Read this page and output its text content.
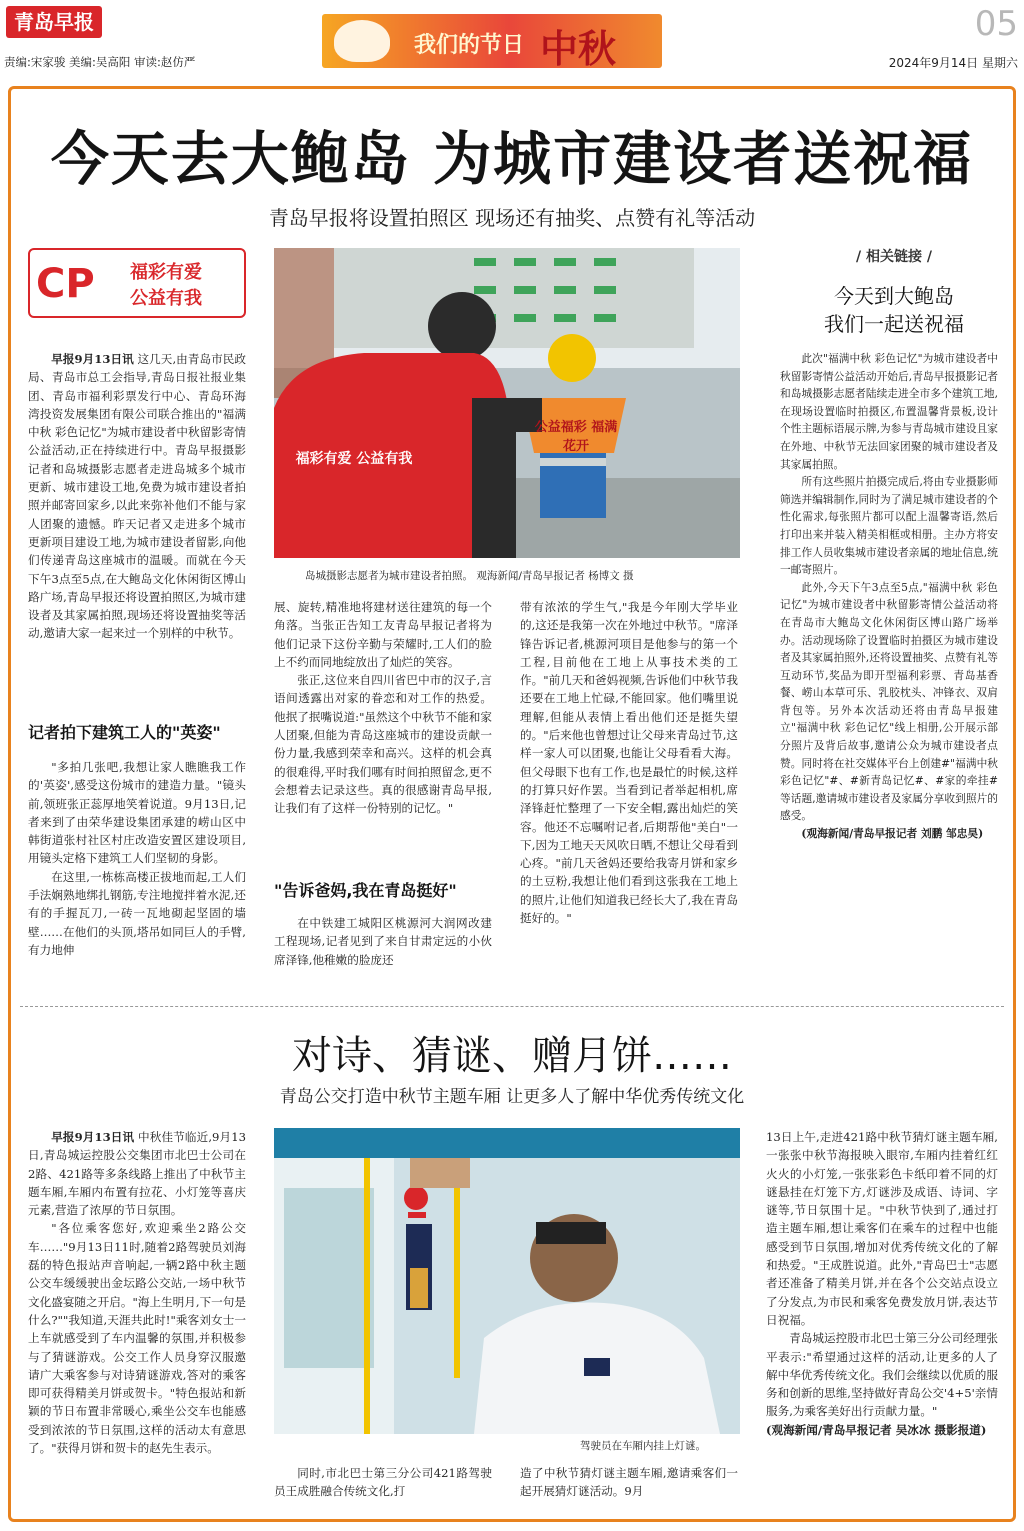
青岛早报
责编:宋家骏 美编:吴高阳 审读:赵仿严
我们的节日 中秋
05
2024年9月14日 星期六
今天去大鲍岛 为城市建设者送祝福
青岛早报将设置拍照区 现场还有抽奖、点赞有礼等活动
CP	福彩有爱
公益有我
公益福彩 福满花开
福彩有爱 公益有我
岛城摄影志愿者为城市建设者拍照。 观海新闻/青岛早报记者 杨博文 摄

早报9月13日讯 这几天,由青岛市民政局、青岛市总工会指导,青岛日报社报业集团、青岛市福利彩票发行中心、青岛环海湾投资发展集团有限公司联合推出的"福满中秋 彩色记忆"为城市建设者中秋留影寄情公益活动,正在持续进行中。青岛早报摄影记者和岛城摄影志愿者走进岛城多个城市更新、城市建设工地,免费为城市建设者拍照并邮寄回家乡,以此来弥补他们不能与家人团聚的遗憾。昨天记者又走进多个城市更新项目建设工地,为城市建设者留影,向他们传递青岛这座城市的温暖。而就在今天下午3点至5点,在大鲍岛文化休闲街区博山路广场,青岛早报还将设置拍照区,为城市建设者及其家属拍照,现场还将设置抽奖等活动,邀请大家一起来过一个别样的中秋节。

记者拍下建筑工人的"英姿"

"多拍几张吧,我想让家人瞧瞧我工作的'英姿',感受这份城市的建造力量。"镜头前,领班张正蕊厚地笑着说道。9月13日,记者来到了由荣华建设集团承建的崂山区中韩街道张村社区村庄改造安置区建设项目,用镜头定格下建筑工人们坚韧的身影。

在这里,一栋栋高楼正拔地而起,工人们手法娴熟地绑扎钢筋,专注地搅拌着水泥,还有的手握瓦刀,一砖一瓦地砌起坚固的墙壁……在他们的头顶,塔吊如同巨人的手臂,有力地伸

展、旋转,精准地将建材送往建筑的每一个角落。当张正告知工友青岛早报记者将为他们记录下这份辛勤与荣耀时,工人们的脸上不约而同地绽放出了灿烂的笑容。

张正,这位来自四川省巴中市的汉子,言语间透露出对家的眷恋和对工作的热爱。他抿了抿嘴说道:"虽然这个中秋节不能和家人团聚,但能为青岛这座城市的建设贡献一份力量,我感到荣幸和高兴。这样的机会真的很难得,平时我们哪有时间拍照留念,更不会想着去记录这些。真的很感谢青岛早报,让我们有了这样一份特别的记忆。"

"告诉爸妈,我在青岛挺好"

在中铁建工城阳区桃源河大润网改建工程现场,记者见到了来自甘肃定远的小伙席泽锋,他稚嫩的脸庞还

带有浓浓的学生气,"我是今年刚大学毕业的,这还是我第一次在外地过中秋节。"席泽锋告诉记者,桃源河项目是他参与的第一个工程,目前他在工地上从事技术类的工作。"前几天和爸妈视频,告诉他们中秋节我还要在工地上忙碌,不能回家。他们嘴里说理解,但能从表情上看出他们还是挺失望的。"后来他也曾想过让父母来青岛过节,这样一家人可以团聚,也能让父母看看大海。但父母眼下也有工作,也是最忙的时候,这样的打算只好作罢。当看到记者举起相机,席泽锋赶忙整理了一下安全帽,露出灿烂的笑容。他还不忘嘱咐记者,后期帮他"美白"一下,因为工地天天风吹日晒,不想让父母看到心疼。"前几天爸妈还要给我寄月饼和家乡的土豆粉,我想让他们看到这张我在工地上的照片,让他们知道我已经长大了,我在青岛挺好的。"

/ 相关链接 /
今天到大鲍岛
我们一起送祝福

此次"福满中秋 彩色记忆"为城市建设者中秋留影寄情公益活动开始后,青岛早报摄影记者和岛城摄影志愿者陆续走进全市多个建筑工地,在现场设置临时拍摄区,布置温馨背景板,设计个性主题标语展示牌,为参与青岛城市建设且家在外地、中秋节无法回家团聚的城市建设者及其家属拍照。

所有这些照片拍摄完成后,将由专业摄影师筛选并编辑制作,同时为了满足城市建设者的个性化需求,每张照片都可以配上温馨寄语,然后打印出来并装入精美相框或相册。主办方将安排工作人员收集城市建设者亲属的地址信息,统一邮寄照片。

此外,今天下午3点至5点,"福满中秋 彩色记忆"为城市建设者中秋留影寄情公益活动将在青岛市大鲍岛文化休闲街区博山路广场举办。活动现场除了设置临时拍摄区为城市建设者及其家属拍照外,还将设置抽奖、点赞有礼等互动环节,奖品为即开型福利彩票、青岛基香餐、崂山本草可乐、乳胶枕头、冲锋衣、双肩背包等。另外本次活动还将由青岛早报建立"福满中秋 彩色记忆"线上相册,公开展示部分照片及背后故事,邀请公众为城市建设者点赞。同时将在社交媒体平台上创建#"福满中秋 彩色记忆"#、#新青岛记忆#、#家的牵挂#等话题,邀请城市建设者及家属分享收到照片的感受。

(观海新闻/青岛早报记者 刘鹏 邹忠昊)

对诗、猜谜、赠月饼……
青岛公交打造中秋节主题车厢 让更多人了解中华优秀传统文化
驾驶员在车厢内挂上灯谜。

早报9月13日讯 中秋佳节临近,9月13日,青岛城运控股公交集团市北巴士公司在2路、421路等多条线路上推出了中秋节主题车厢,车厢内布置有拉花、小灯笼等喜庆元素,营造了浓厚的节日氛围。

"各位乘客您好,欢迎乘坐2路公交车……"9月13日11时,随着2路驾驶员刘海磊的特色报站声音响起,一辆2路中秋主题公交车缓缓驶出金坛路公交站,一场中秋节文化盛宴随之开启。"海上生明月,下一句是什么?""我知道,天涯共此时!"乘客刘女士一上车就感受到了车内温馨的氛围,并积极参与了猜谜游戏。公交工作人员身穿汉服邀请广大乘客参与对诗猜谜游戏,答对的乘客即可获得精美月饼或贺卡。"特色报站和新颖的节日布置非常暖心,乘坐公交车也能感受到浓浓的节日氛围,这样的活动太有意思了。"获得月饼和贺卡的赵先生表示。

同时,市北巴士第三分公司421路驾驶员王成胜融合传统文化,打

造了中秋节猜灯谜主题车厢,邀请乘客们一起开展猜灯谜活动。9月

13日上午,走进421路中秋节猜灯谜主题车厢,一张张中秋节海报映入眼帘,车厢内挂着红红火火的小灯笼,一张张彩色卡纸印着不同的灯谜悬挂在灯笼下方,灯谜涉及成语、诗词、字谜等,节日氛围十足。"中秋节快到了,通过打造主题车厢,想让乘客们在乘车的过程中也能感受到节日氛围,增加对优秀传统文化的了解和热爱。"王成胜说道。此外,"青岛巴士"志愿者还准备了精美月饼,并在各个公交站点设立了分发点,为市民和乘客免费发放月饼,表达节日祝福。

青岛城运控股市北巴士第三分公司经理张平表示:"希望通过这样的活动,让更多的人了解中华优秀传统文化。我们会继续以优质的服务和创新的思维,坚持做好青岛公交'4+5'亲情服务,为乘客美好出行贡献力量。"

(观海新闻/青岛早报记者 吴冰冰 摄影报道)
